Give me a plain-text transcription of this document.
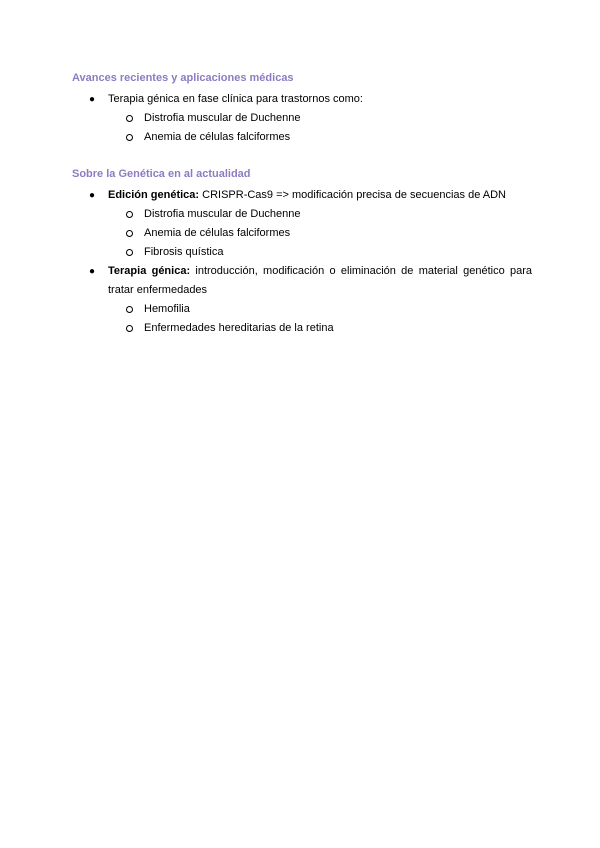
Avances recientes y aplicaciones médicas
● Terapia génica en fase clínica para trastornos como:
Distrofia muscular de Duchenne
Anemia de células falciformes
Sobre la Genética en al actualidad
● Edición genética: CRISPR-Cas9 => modificación precisa de secuencias de ADN
Distrofia muscular de Duchenne
Anemia de células falciformes
Fibrosis quística
● Terapia génica: introducción, modificación o eliminación de material genético para tratar enfermedades
Hemofilia
Enfermedades hereditarias de la retina
